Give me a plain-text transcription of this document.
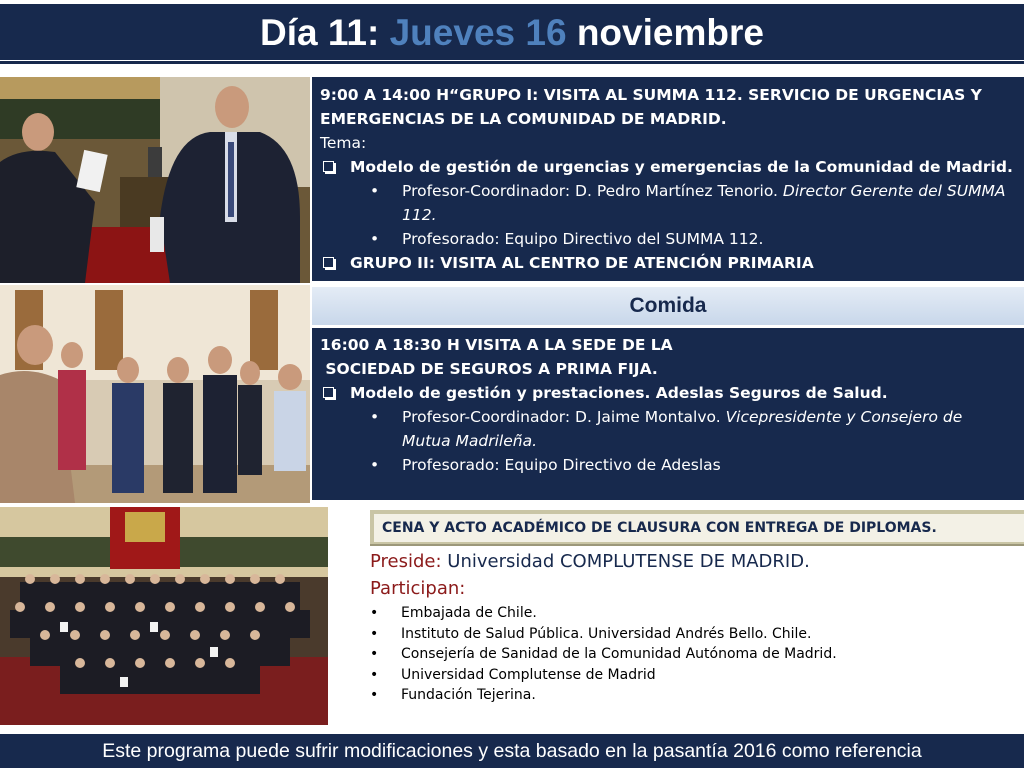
Día 11: Jueves 16 noviembre
9:00 A 14:00 H“GRUPO I: VISITA AL SUMMA 112. SERVICIO DE URGENCIAS Y
EMERGENCIAS DE LA COMUNIDAD DE MADRID.
Tema:
Modelo de gestión de urgencias y emergencias de la Comunidad de Madrid.
• Profesor-Coordinador: D. Pedro Martínez Tenorio. Director Gerente del SUMMA 112.
• Profesorado: Equipo Directivo del SUMMA 112.
GRUPO II: VISITA AL CENTRO DE ATENCIÓN PRIMARIA
Comida
16:00 A 18:30 H VISITA A LA SEDE DE LA
SOCIEDAD DE SEGUROS A PRIMA FIJA.
Modelo de gestión y prestaciones. Adeslas Seguros de Salud.
• Profesor-Coordinador: D. Jaime Montalvo. Vicepresidente y Consejero de Mutua Madrileña.
• Profesorado: Equipo Directivo de Adeslas
CENA Y ACTO ACADÉMICO DE CLAUSURA CON ENTREGA DE DIPLOMAS.
Preside: Universidad COMPLUTENSE DE MADRID.
Participan:
• Embajada de Chile.
• Instituto de Salud Pública. Universidad Andrés Bello. Chile.
• Consejería de Sanidad de la Comunidad Autónoma de Madrid.
• Universidad Complutense de Madrid
• Fundación Tejerina.
Este programa puede sufrir modificaciones y esta basado en la pasantía 2016 como referencia
